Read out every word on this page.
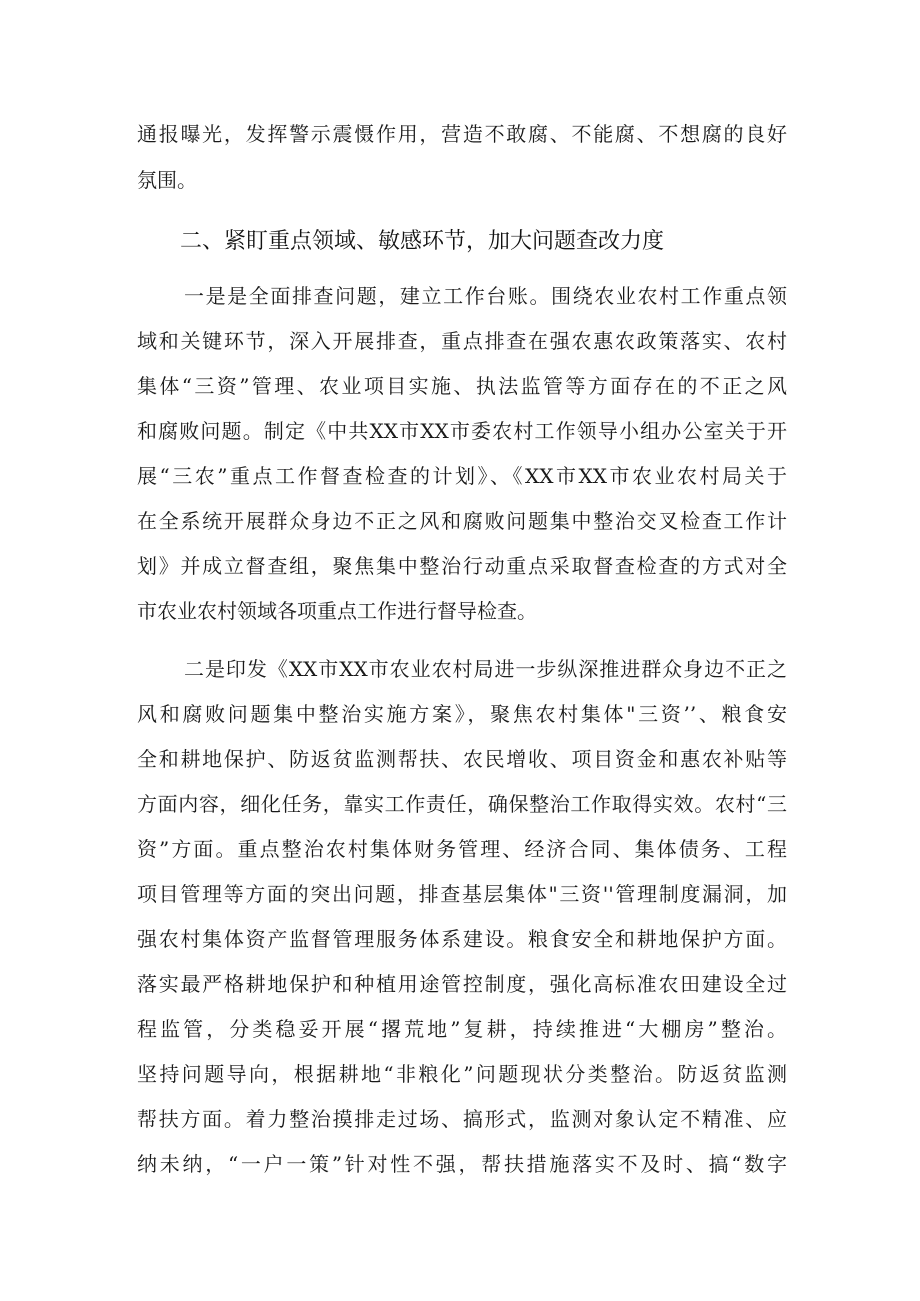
通报曝光，发挥警示震慑作用，营造不敢腐、不能腐、不想腐的良好
氛围。
二、紧盯重点领域、敏感环节，加大问题查改力度
一是是全面排查问题，建立工作台账。围绕农业农村工作重点领
域和关键环节，深入开展排查，重点排查在强农惠农政策落实、农村
集体“三资”管理、农业项目实施、执法监管等方面存在的不正之风
和腐败问题。制定《中共XX市XX市委农村工作领导小组办公室关于开
展“三农”重点工作督查检查的计划》、《XX市XX市农业农村局关于
在全系统开展群众身边不正之风和腐败问题集中整治交叉检查工作计
划》并成立督查组，聚焦集中整治行动重点采取督查检查的方式对全
市农业农村领域各项重点工作进行督导检查。
二是印发《XX市XX市农业农村局进一步纵深推进群众身边不正之
风和腐败问题集中整治实施方案》，聚焦农村集体"三资’’、粮食安
全和耕地保护、防返贫监测帮扶、农民增收、项目资金和惠农补贴等
方面内容，细化任务，靠实工作责任，确保整治工作取得实效。农村“三
资”方面。重点整治农村集体财务管理、经济合同、集体债务、工程
项目管理等方面的突出问题，排查基层集体"三资''管理制度漏洞，加
强农村集体资产监督管理服务体系建设。粮食安全和耕地保护方面。
落实最严格耕地保护和种植用途管控制度，强化高标准农田建设全过
程监管，分类稳妥开展“撂荒地”复耕，持续推进“大棚房”整治。
坚持问题导向，根据耕地“非粮化”问题现状分类整治。防返贫监测
帮扶方面。着力整治摸排走过场、搞形式，监测对象认定不精准、应
纳未纳，“一户一策”针对性不强，帮扶措施落实不及时、搞“数字
